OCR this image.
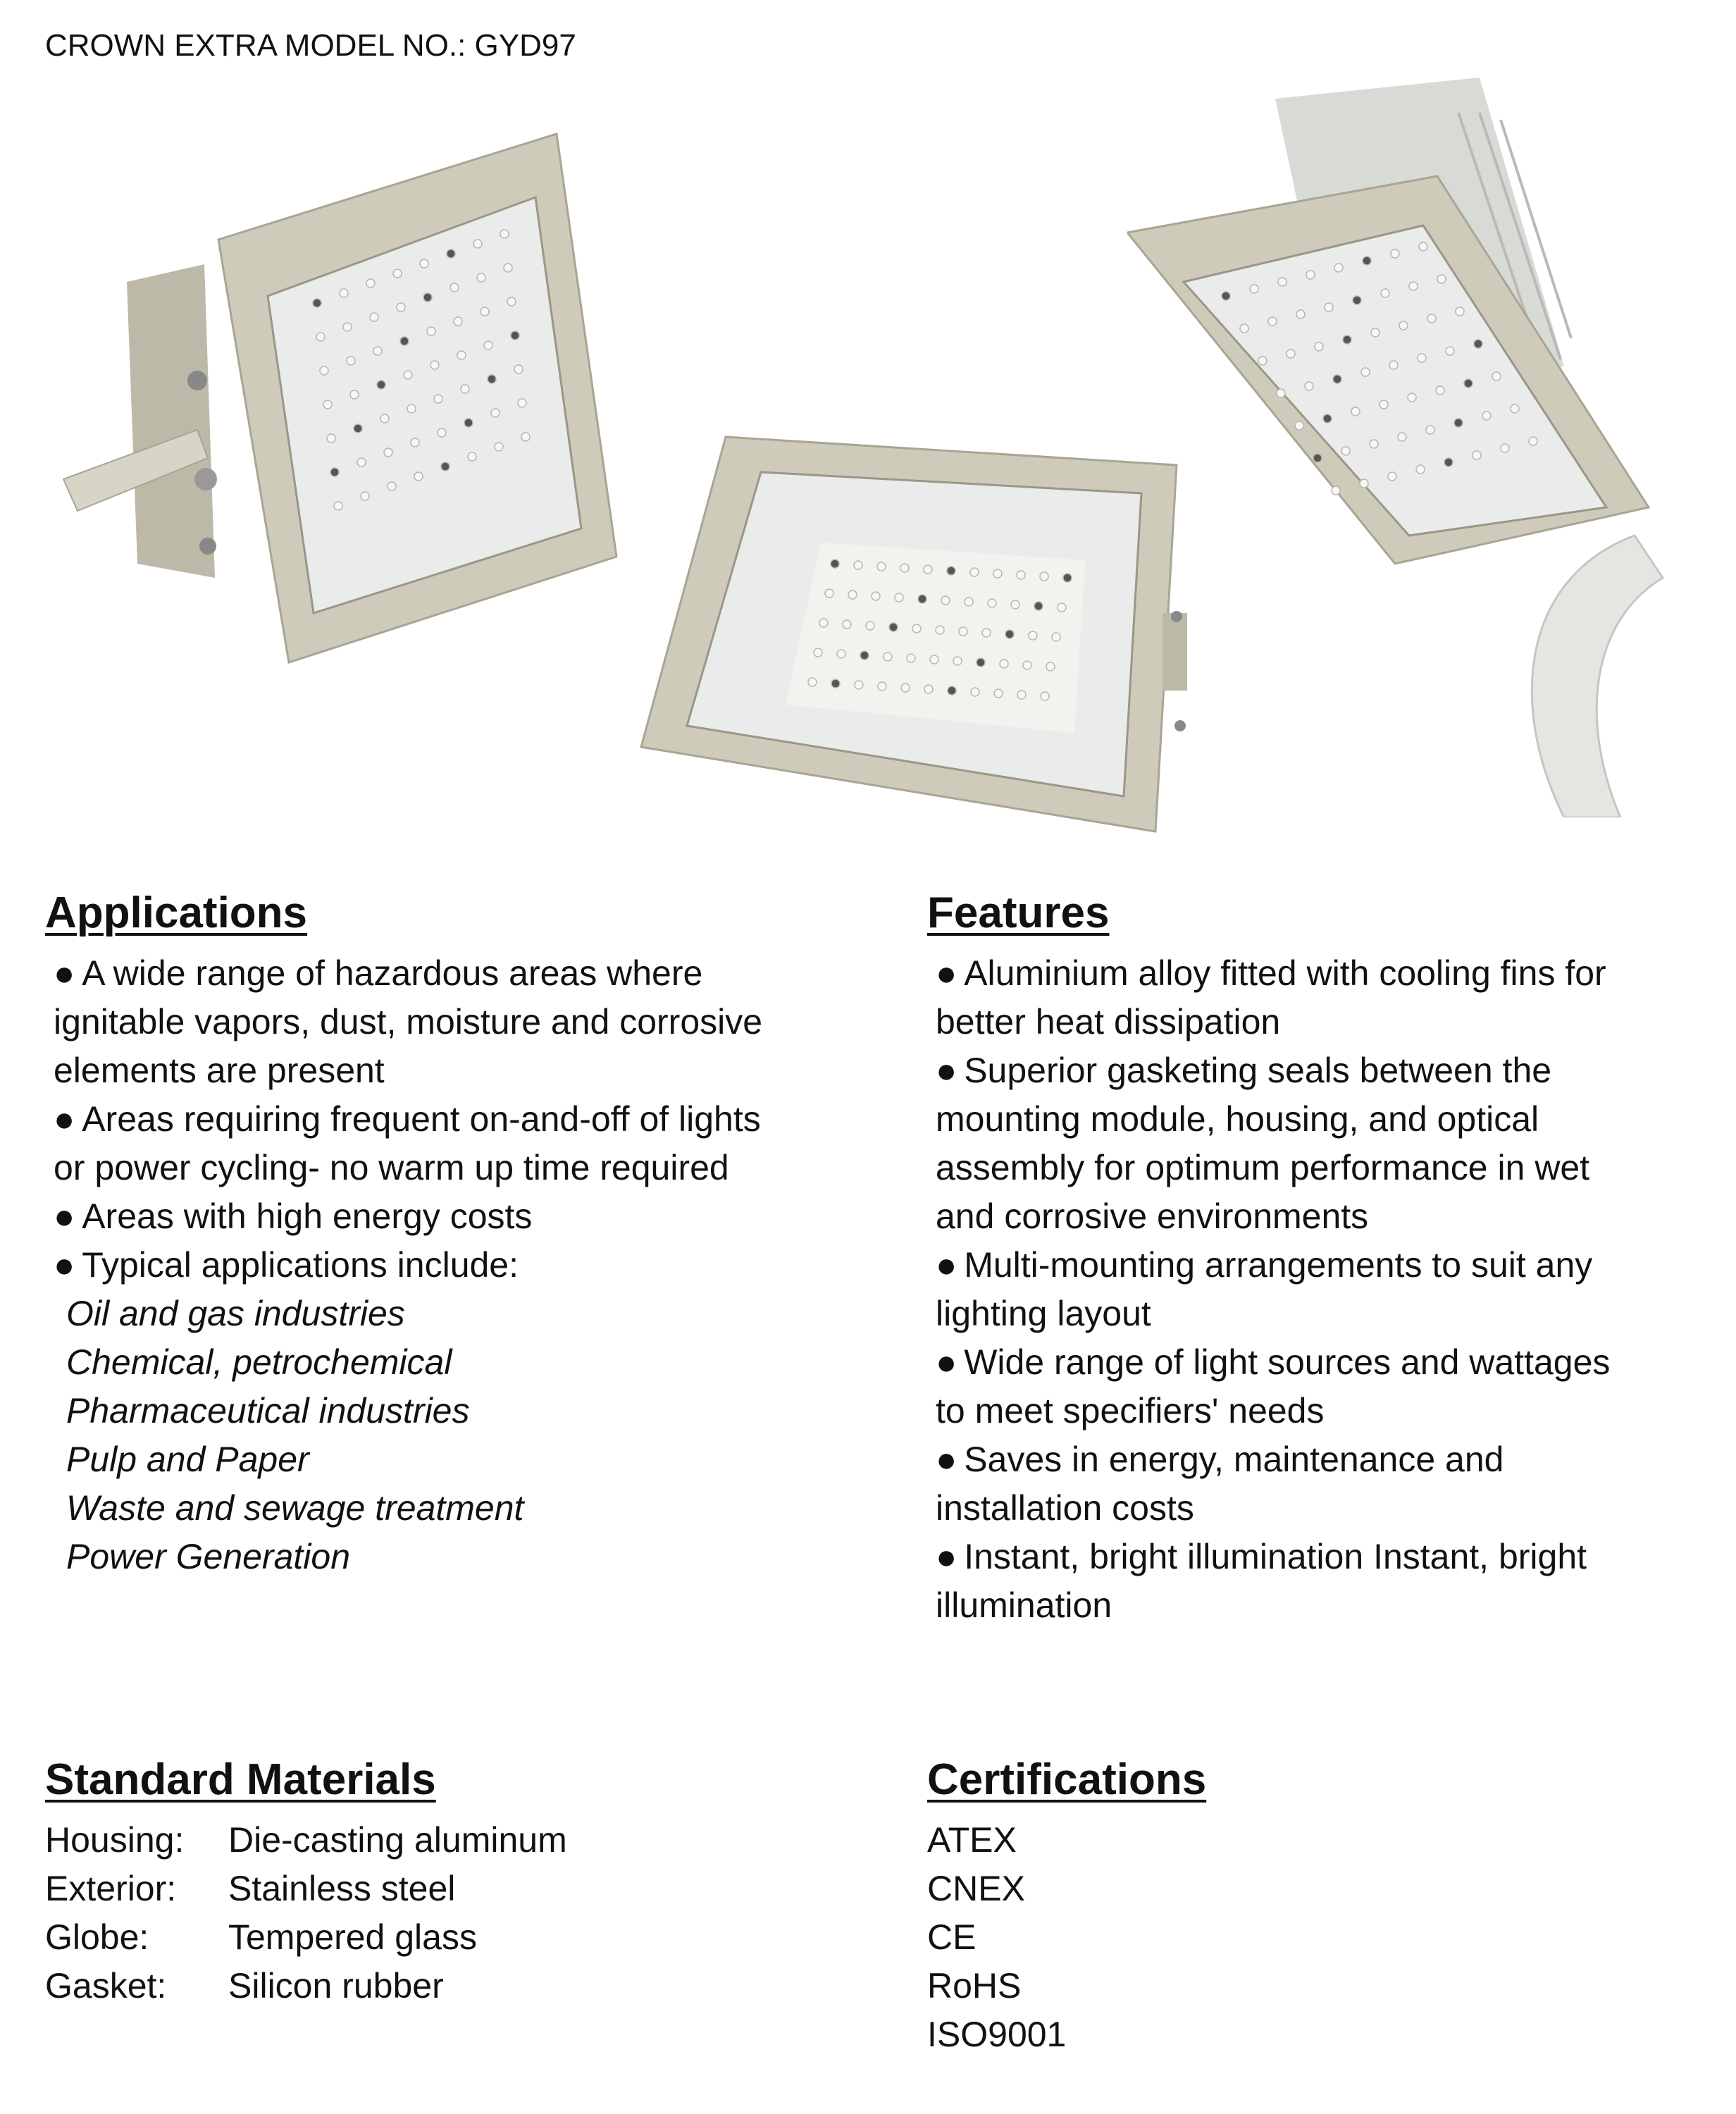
CROWN EXTRA MODEL NO.: GYD97
Applications
● A wide range of hazardous areas where
ignitable vapors, dust, moisture and corrosive
elements are present
● Areas requiring frequent on-and-off of lights
or power cycling- no warm up time required
● Areas with high energy costs
● Typical applications include:
Oil and gas industries
Chemical, petrochemical
Pharmaceutical industries
Pulp and Paper
Waste and sewage treatment
Power Generation
Features
● Aluminium alloy fitted with cooling fins for
better heat dissipation
● Superior gasketing seals between the
mounting module, housing, and optical
assembly for optimum performance in wet
and corrosive environments
● Multi-mounting arrangements to suit any
lighting layout
● Wide range of light sources and wattages
to meet specifiers' needs
● Saves in energy, maintenance and
installation costs
● Instant, bright illumination Instant, bright
illumination
Standard Materials
Housing:	Die-casting aluminum
Exterior:	Stainless steel
Globe:	Tempered glass
Gasket:	Silicon rubber
Certifications
ATEX
CNEX
CE
RoHS
ISO9001
